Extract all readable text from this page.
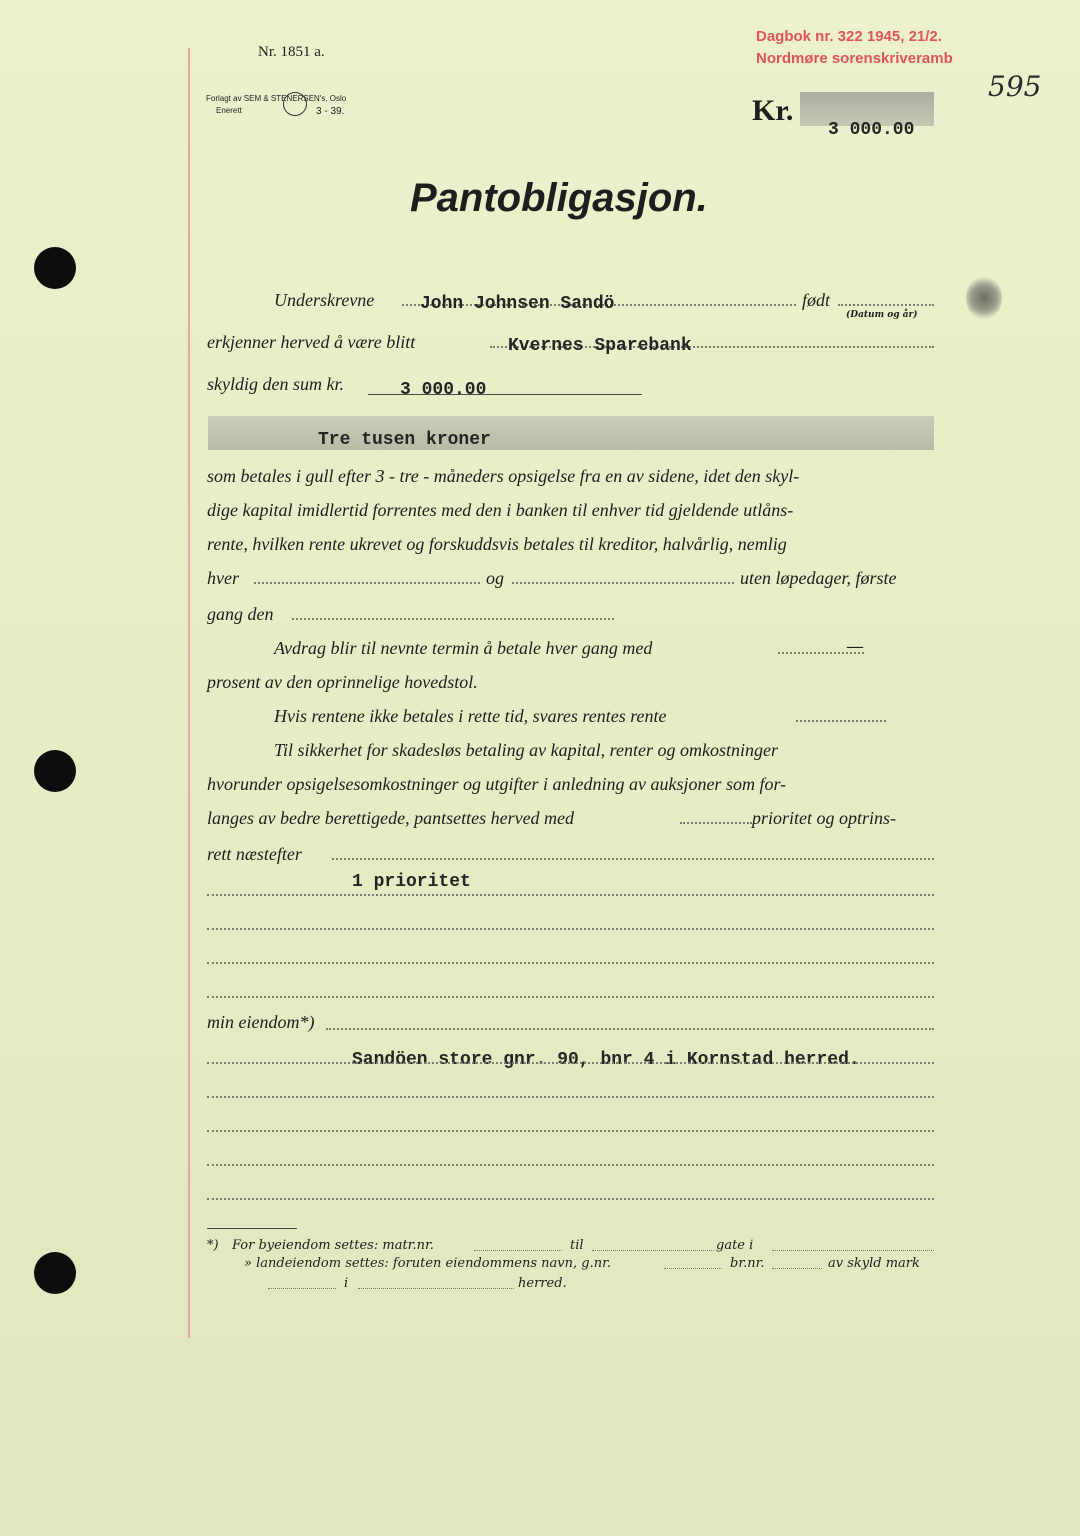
Dagbok nr. 322 1945, 21/2.
Nordmøre sorenskriveramb
595
Nr. 1851 a.
Forlagt av SEM & STENERSEN's, Oslo
Enerett	3 - 39.	Kr.
3 000.00
Pantobligasjon.
Underskrevne	John Johnsen Sandö	født
(Datum og år)
erkjenner herved å være blitt	Kvernes Sparebank
skyldig den sum kr.	3 000.00
Tre tusen kroner
som betales i gull efter 3 - tre - måneders opsigelse fra en av sidene, idet den skyl-
dige kapital imidlertid forrentes med den i banken til enhver tid gjeldende utlåns-
rente, hvilken rente ukrevet og forskuddsvis betales til kreditor, halvårlig, nemlig
hver	og	uten løpedager, første
gang den
Avdrag blir til nevnte termin å betale hver gang med	—
prosent av den oprinnelige hovedstol.
Hvis rentene ikke betales i rette tid, svares rentes rente
Til sikkerhet for skadesløs betaling av kapital, renter og omkostninger
hvorunder opsigelsesomkostninger og utgifter i anledning av auksjoner som for-
langes av bedre berettigede, pantsettes herved med	prioritet og optrins-
rett næstefter
1 prioritet
min eiendom*)
Sandöen store gnr. 90, bnr 4 i Kornstad herred.
*) For byeiendom settes: matr.nr.	til	gate i
» landeiendom settes: foruten eiendommens navn, g.nr.	br.nr.	av skyld mark
i	herred.
